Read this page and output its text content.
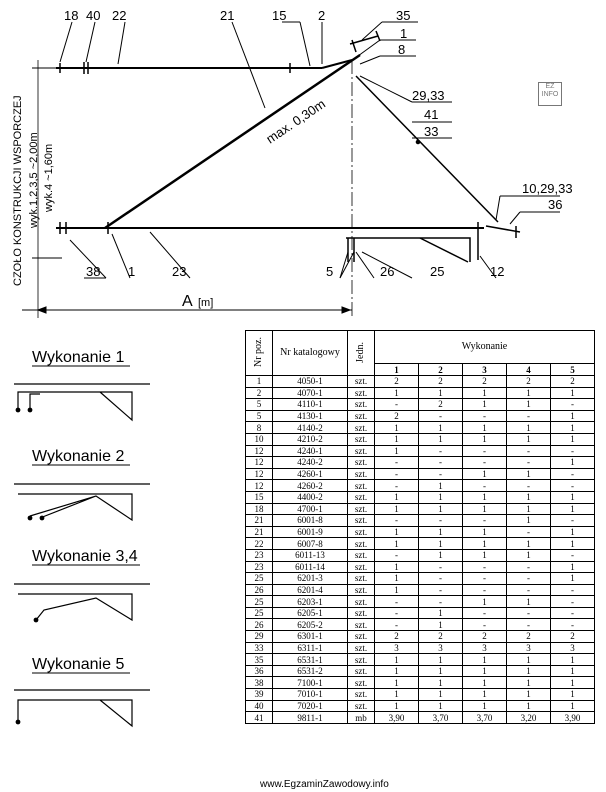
18 40 22	21	15 2	35
1
8
29,33
41
33
10,29,33
36
38 1	23	5	26	25	12
CZOŁO KONSTRUKCJI WSPORCZEJ wyk.1,2,3,5 ~2,00m wyk.4 ~1,60m
max. 0,30m
A [m]
Wykonanie 1
Wykonanie 2
Wykonanie 3,4
Wykonanie 5
EZ INFO
Nr poz.	Nr katalogowy	Jedn.	Wykonanie				
			1	2	3	4	5
1	4050-1	szt.	2	2	2	2	2
2	4070-1	szt.	1	1	1	1	1
5	4110-1	szt.	-	2	1	1	-
5	4130-1	szt.	2	-	-	-	1
8	4140-2	szt.	1	1	1	1	1
10	4210-2	szt.	1	1	1	1	1
12	4240-1	szt.	1	-	-	-	-
12	4240-2	szt.	-	-	-	-	1
12	4260-1	szt.	-	-	1	1	-
12	4260-2	szt.	-	1	-	-	-
15	4400-2	szt.	1	1	1	1	1
18	4700-1	szt.	1	1	1	1	1
21	6001-8	szt.	-	-	-	1	-
21	6001-9	szt.	1	1	1	-	1
22	6007-8	szt.	1	1	1	1	1
23	6011-13	szt.	-	1	1	1	-
23	6011-14	szt.	1	-	-	-	1
25	6201-3	szt.	1	-	-	-	1
26	6201-4	szt.	1	-	-	-	-
25	6203-1	szt.	-	-	1	1	-
25	6205-1	szt.	-	1	-	-	-
26	6205-2	szt.	-	1	-	-	-
29	6301-1	szt.	2	2	2	2	2
33	6311-1	szt.	3	3	3	3	3
35	6531-1	szt.	1	1	1	1	1
36	6531-2	szt.	1	1	1	1	1
38	7100-1	szt.	1	1	1	1	1
39	7010-1	szt.	1	1	1	1	1
40	7020-1	szt.	1	1	1	1	1
41	9811-1	mb	3,90	3,70	3,70	3,20	3,90
www.EgzaminZawodowy.info
